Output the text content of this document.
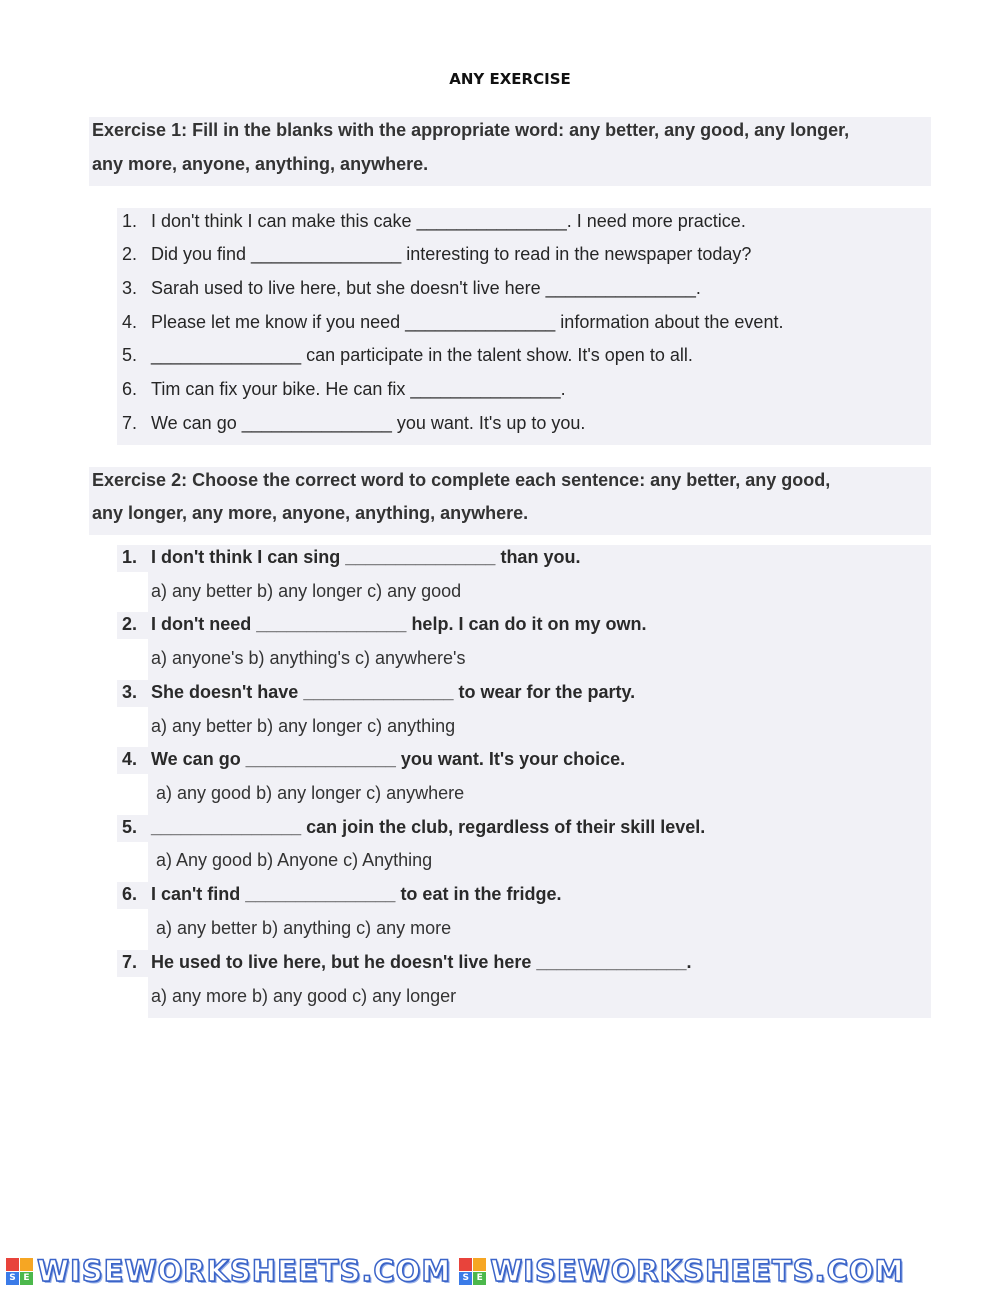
ANY EXERCISE
Exercise 1: Fill in the blanks with the appropriate word: any better, any good, any longer,
any more, anyone, anything, anywhere.
1. I don't think I can make this cake _______________. I need more practice.
2. Did you find _______________ interesting to read in the newspaper today?
3. Sarah used to live here, but she doesn't live here _______________.
4. Please let me know if you need _______________ information about the event.
5. _______________ can participate in the talent show. It's open to all.
6. Tim can fix your bike. He can fix _______________.
7. We can go _______________ you want. It's up to you.
Exercise 2: Choose the correct word to complete each sentence: any better, any good,
any longer, any more, anyone, anything, anywhere.
1. I don't think I can sing _______________ than you.
a) any better b) any longer c) any good
2. I don't need _______________ help. I can do it on my own.
a) anyone's b) anything's c) anywhere's
3. She doesn't have _______________ to wear for the party.
a) any better b) any longer c) anything
4. We can go _______________ you want. It's your choice.
a) any good b) any longer c) anywhere
5. _______________ can join the club, regardless of their skill level.
a) Any good b) Anyone c) Anything
6. I can't find _______________ to eat in the fridge.
a) any better b) anything c) any more
7. He used to live here, but he doesn't live here _______________.
a) any more b) any good c) any longer
S E WISEWORKSHEETS.COM	S E WISEWORKSHEETS.COM
